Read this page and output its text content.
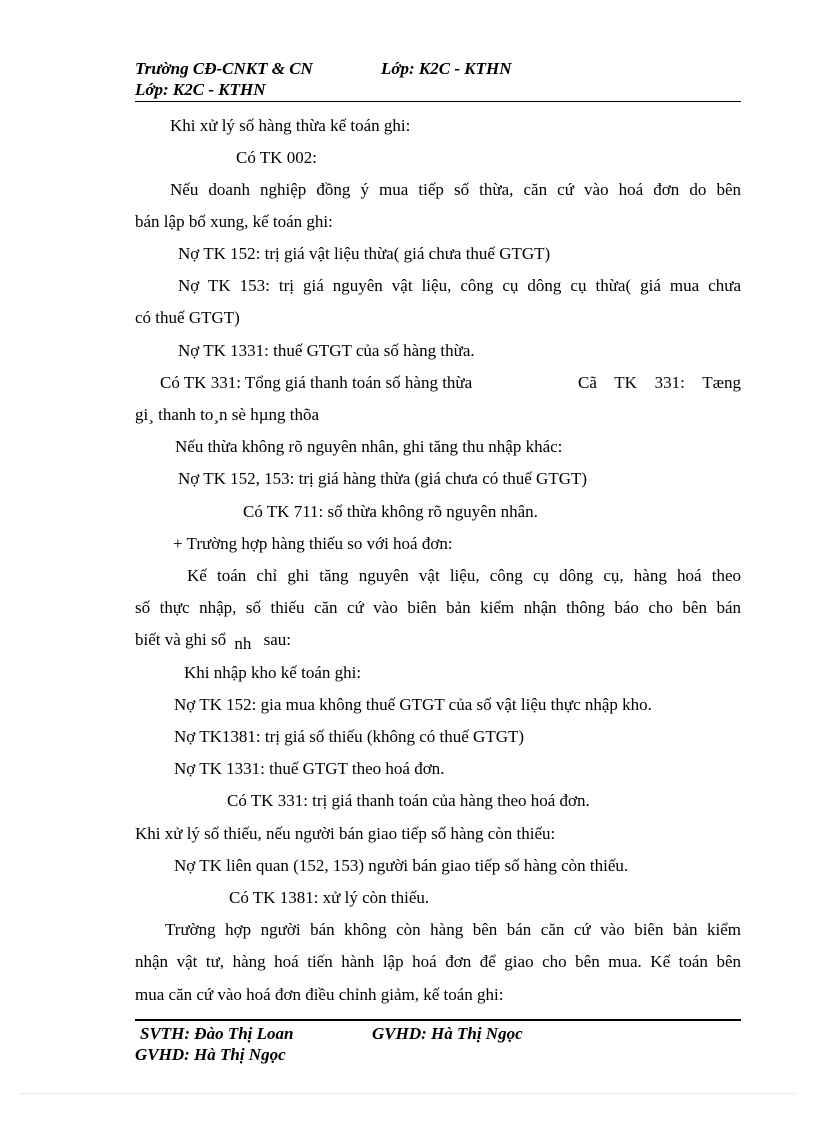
Trường CĐ-CNKT & CN	Lớp: K2C - KTHN
Lớp: K2C - KTHN
Khi xử lý số hàng thừa kế toán ghi:
Có TK 002:
Nếu doanh nghiệp đồng ý mua tiếp số thừa, căn cứ vào hoá đơn do bên
bán lập bổ xung, kế toán ghi:
Nợ TK 152: trị giá vật liệu thừa( giá chưa thuế GTGT)
Nợ TK 153: trị giá nguyên vật liệu, công cụ dông cụ thừa( giá mua chưa
có thuế GTGT)
Nợ TK 1331: thuế GTGT của số hàng thừa.
Có TK 331: Tổng giá thanh toán số hàng thừa	Cã TK 331: Tæng
gi¸ thanh to¸n sè hµng thõa
Nếu thừa không rõ nguyên nhân, ghi tăng thu nhập khác:
Nợ TK 152, 153: trị giá hàng thừa (giá chưa có thuế GTGT)
Có TK 711: số thừa không rõ nguyên nhân.
+ Trường hợp hàng thiếu so với hoá đơn:
Kế toán chỉ ghi tăng nguyên vật liệu, công cụ dông cụ, hàng hoá theo
số thực nhập, số thiếu căn cứ vào biên bản kiểm nhận thông báo cho bên bán
biết và ghi sổ nh sau:
Khi nhập kho kế toán ghi:
Nợ TK 152: gia mua không thuế GTGT của số vật liệu thực nhập kho.
Nợ TK1381: trị giá số thiếu (không có thuế GTGT)
Nợ TK 1331: thuế GTGT theo hoá đơn.
Có TK 331: trị giá thanh toán của hàng theo hoá đơn.
Khi xử lý số thiếu, nếu người bán giao tiếp số hàng còn thiếu:
Nợ TK liên quan (152, 153) người bán giao tiếp số hàng còn thiếu.
Có TK 1381: xử lý còn thiếu.
Trường hợp người bán không còn hàng bên bán căn cứ vào biên bản kiểm
nhận vật tư, hàng hoá tiến hành lập hoá đơn để giao cho bên mua. Kế toán bên
mua căn cứ vào hoá đơn điều chỉnh giảm, kế toán ghi:
SVTH: Đào Thị Loan	GVHD: Hà Thị Ngọc
GVHD: Hà Thị Ngọc
